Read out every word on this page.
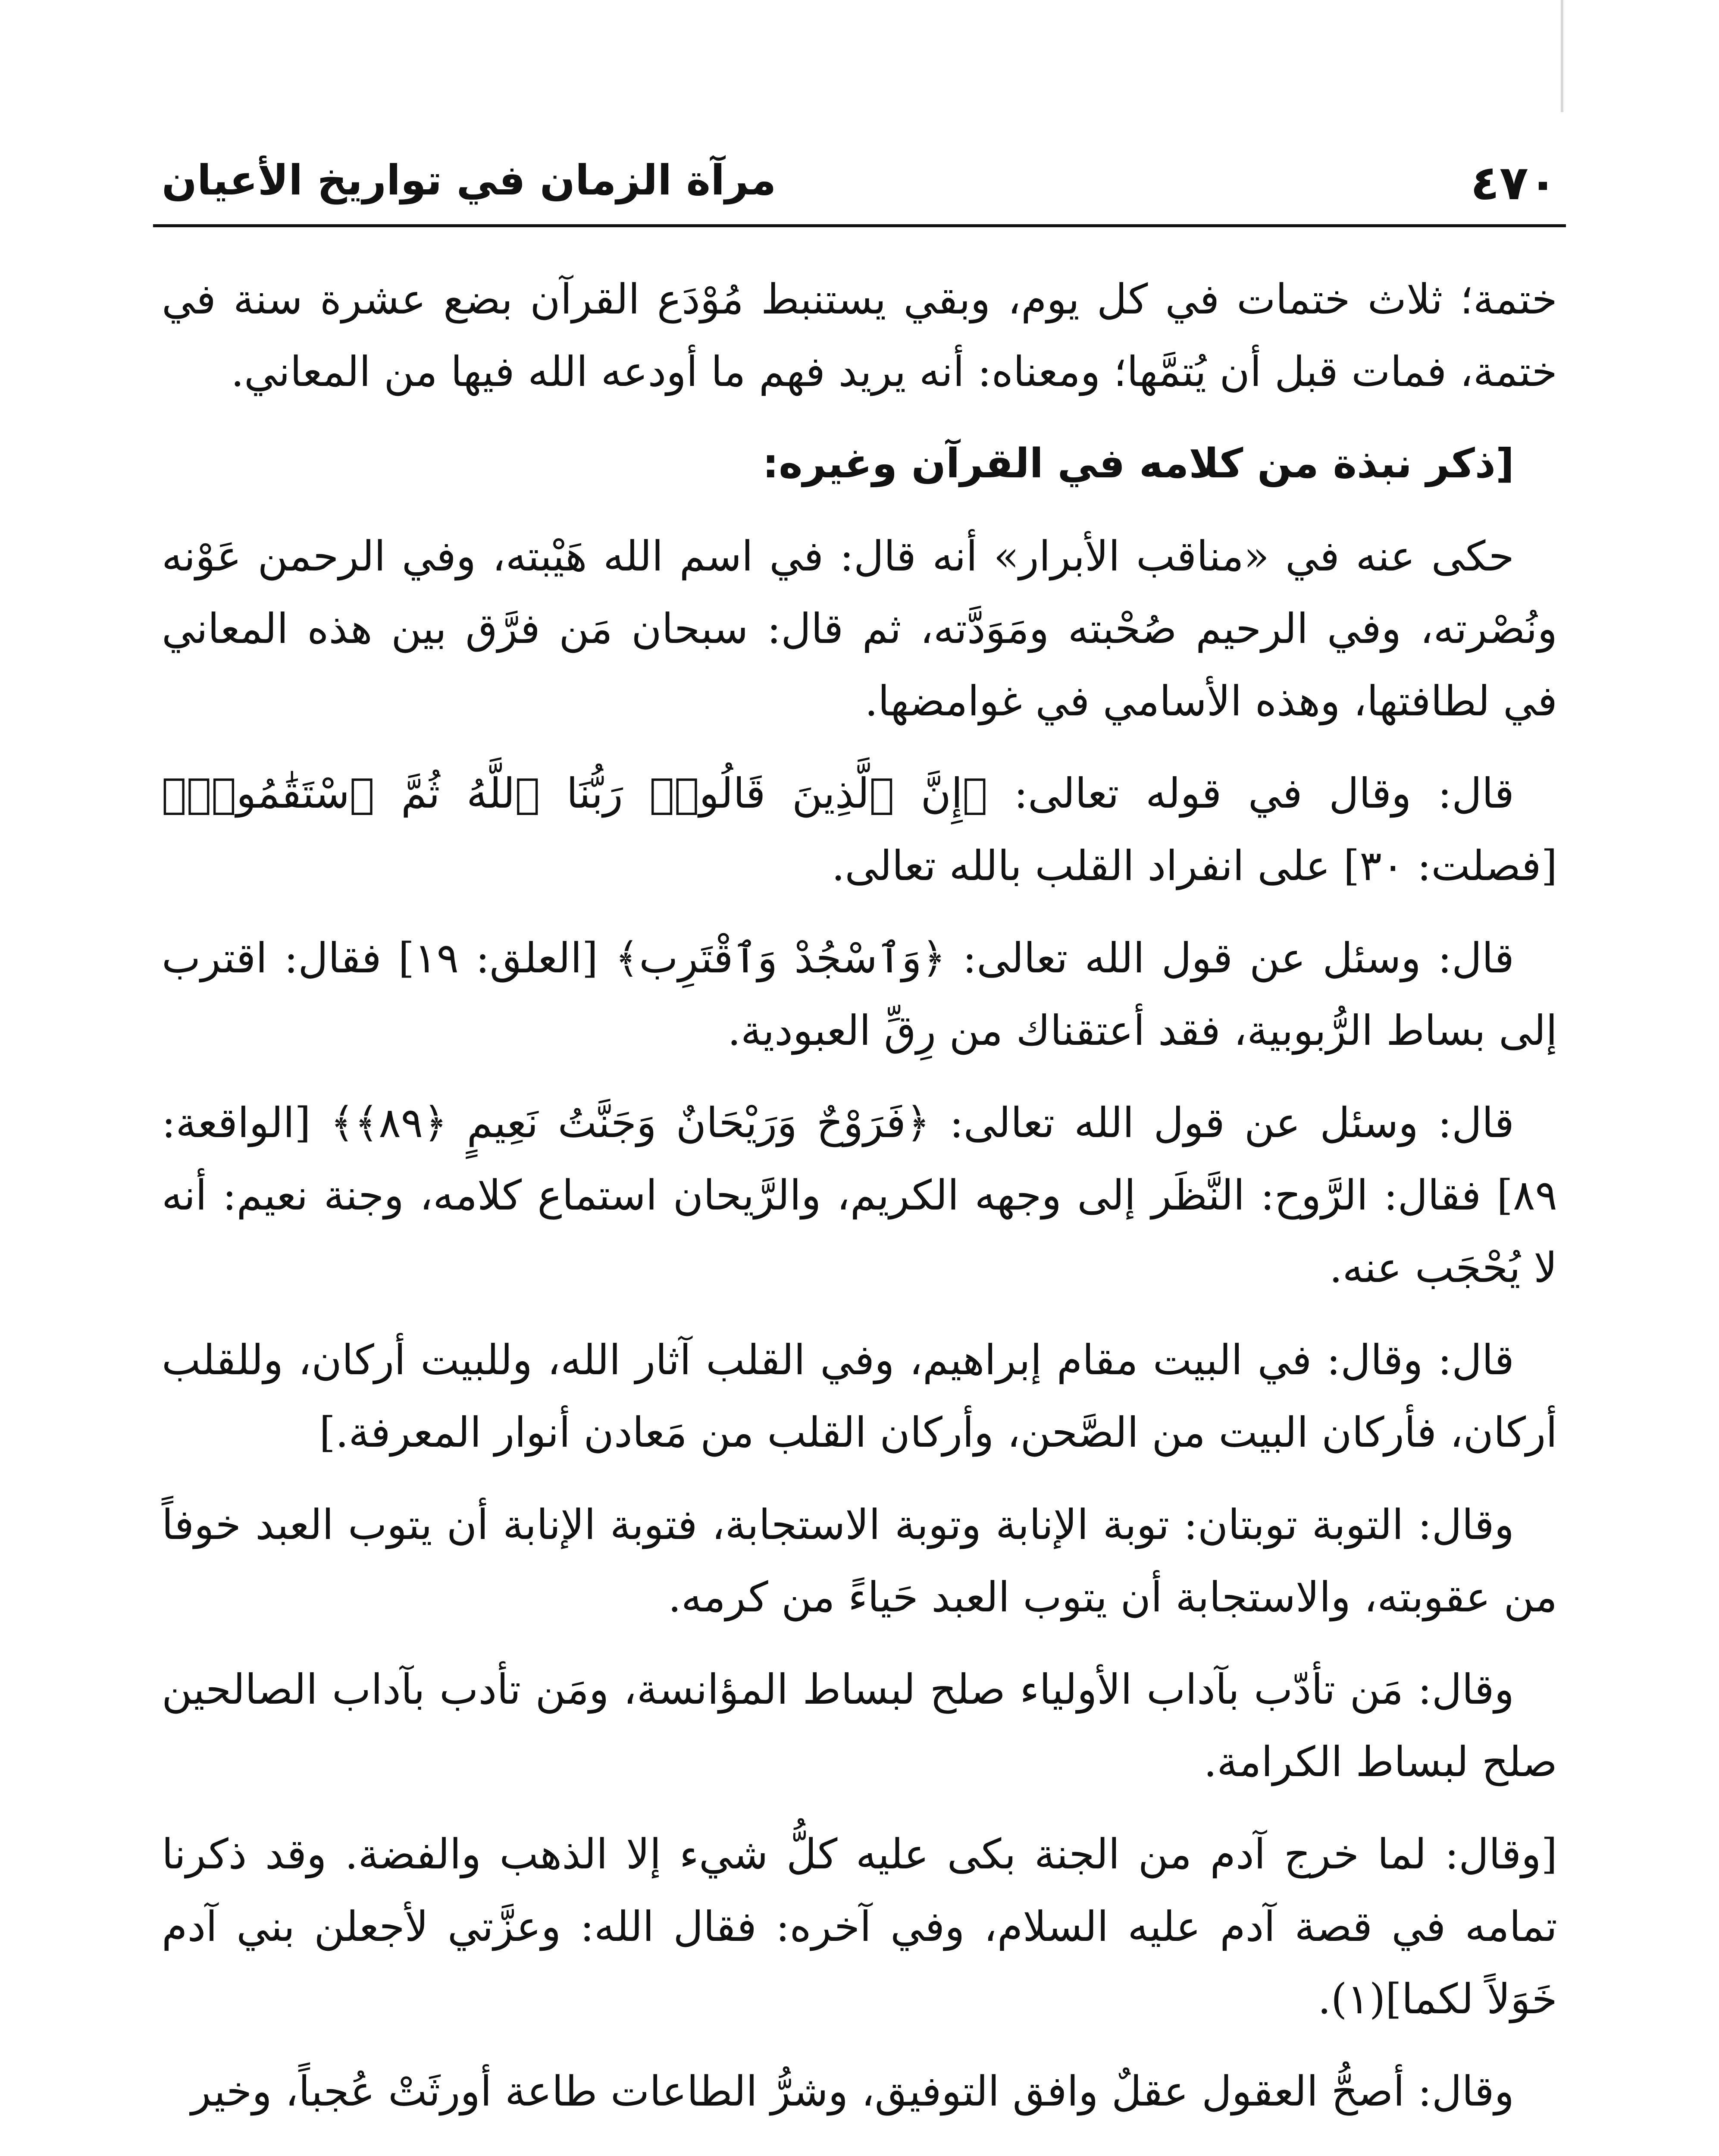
٤٧٠
مرآة الزمان في تواريخ الأعيان

ختمة؛ ثلاث ختمات في كل يوم، وبقي يستنبط مُوْدَع القرآن بضع عشرة سنة في ختمة، فمات قبل أن يُتمَّها؛ ومعناه: أنه يريد فهم ما أودعه الله فيها من المعاني.

[ذكر نبذة من كلامه في القرآن وغيره:

حكى عنه في «مناقب الأبرار» أنه قال: في اسم الله هَيْبته، وفي الرحمن عَوْنه ونُصْرته، وفي الرحيم صُحْبته ومَوَدَّته، ثم قال: سبحان مَن فرَّق بين هذه المعاني في لطافتها، وهذه الأسامي في غوامضها.

قال: وقال في قوله تعالى: ﴿إِنَّ ٱلَّذِينَ قَالُوا۟ رَبُّنَا ٱللَّهُ ثُمَّ ٱسْتَقَٰمُوا۟﴾ [فصلت: ٣٠] على انفراد القلب بالله تعالى.

قال: وسئل عن قول الله تعالى: ﴿وَٱسْجُدْ وَٱقْتَرِب﴾ [العلق: ١٩] فقال: اقترب إلى بساط الرُّبوبية، فقد أعتقناك من رِقِّ العبودية.

قال: وسئل عن قول الله تعالى: ﴿فَرَوْحٌ وَرَيْحَانٌ وَجَنَّتُ نَعِيمٍ ﴿٨٩﴾﴾ [الواقعة: ٨٩] فقال: الرَّوح: النَّظَر إلى وجهه الكريم، والرَّيحان استماع كلامه، وجنة نعيم: أنه لا يُحْجَب عنه.

قال: وقال: في البيت مقام إبراهيم، وفي القلب آثار الله، وللبيت أركان، وللقلب أركان، فأركان البيت من الصَّحن، وأركان القلب من مَعادن أنوار المعرفة.]

وقال: التوبة توبتان: توبة الإنابة وتوبة الاستجابة، فتوبة الإنابة أن يتوب العبد خوفاً من عقوبته، والاستجابة أن يتوب العبد حَياءً من كرمه.

وقال: مَن تأدّب بآداب الأولياء صلح لبساط المؤانسة، ومَن تأدب بآداب الصالحين صلح لبساط الكرامة.

[وقال: لما خرج آدم من الجنة بكى عليه كلُّ شيء إلا الذهب والفضة. وقد ذكرنا تمامه في قصة آدم عليه السلام، وفي آخره: فقال الله: وعزَّتي لأجعلن بني آدم خَوَلاً لكما](١).

وقال: أصحُّ العقول عقلٌ وافق التوفيق، وشرُّ الطاعات طاعة أورثَتْ عُجباً، وخير
